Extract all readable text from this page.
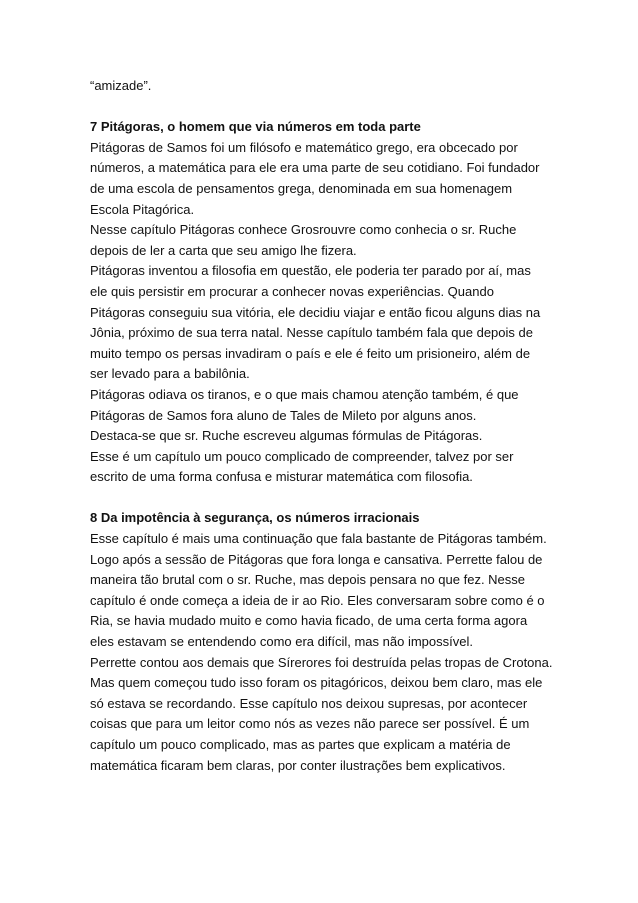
“amizade”.
7 Pitágoras, o homem que via números em toda parte
Pitágoras de Samos foi um filósofo e matemático grego, era obcecado por
números, a matemática para ele era uma parte de seu cotidiano. Foi fundador
de uma escola de pensamentos grega, denominada em sua homenagem
Escola Pitagórica.
Nesse capítulo Pitágoras conhece Grosrouvre como conhecia o sr. Ruche
depois de ler a carta que seu amigo lhe fizera.
Pitágoras inventou a filosofia em questão, ele poderia ter parado por aí, mas
ele quis persistir em procurar a conhecer novas experiências. Quando
Pitágoras conseguiu sua vitória, ele decidiu viajar e então ficou alguns dias na
Jônia, próximo de sua terra natal. Nesse capítulo também fala que depois de
muito tempo os persas invadiram o país e ele é feito um prisioneiro, além de
ser levado para a babilônia.
Pitágoras odiava os tiranos, e o que mais chamou atenção também, é que
Pitágoras de Samos fora aluno de Tales de Mileto por alguns anos.
Destaca-se que sr. Ruche escreveu algumas fórmulas de Pitágoras.
Esse é um capítulo um pouco complicado de compreender, talvez por ser
escrito de uma forma confusa e misturar matemática com filosofia.
8 Da impotência à segurança, os números irracionais
Esse capítulo é mais uma continuação que fala bastante de Pitágoras também.
Logo após a sessão de Pitágoras que fora longa e cansativa. Perrette falou de
maneira tão brutal com o sr. Ruche, mas depois pensara no que fez. Nesse
capítulo é onde começa a ideia de ir ao Rio. Eles conversaram sobre como é o
Ria, se havia mudado muito e como havia ficado, de uma certa forma agora
eles estavam se entendendo como era difícil, mas não impossível.
Perrette contou aos demais que Sírerores foi destruída pelas tropas de Crotona.
Mas quem começou tudo isso foram os pitagóricos, deixou bem claro, mas ele
só estava se recordando. Esse capítulo nos deixou supresas, por acontecer
coisas que para um leitor como nós as vezes não parece ser possível. É um
capítulo um pouco complicado, mas as partes que explicam a matéria de
matemática ficaram bem claras, por conter ilustrações bem explicativos.
